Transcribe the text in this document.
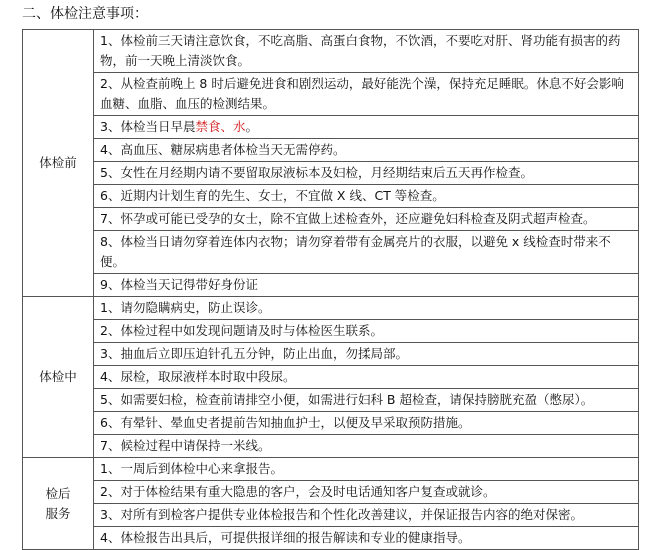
二、体检注意事项：
体检前	1、体检前三天请注意饮食，不吃高脂、高蛋白食物，不饮酒，不要吃对肝、肾功能有损害的药物，前一天晚上清淡饮食。
	2、从检查前晚上 8 时后避免进食和剧烈运动，最好能洗个澡，保持充足睡眠。休息不好会影响血糖、血脂、血压的检测结果。
	3、体检当日早晨禁食、水。
	4、高血压、糖尿病患者体检当天无需停药。
	5、女性在月经期内请不要留取尿液标本及妇检，月经期结束后五天再作检查。
	6、近期内计划生育的先生、女士，不宜做 X 线、CT 等检查。
	7、怀孕或可能已受孕的女士，除不宜做上述检查外，还应避免妇科检查及阴式超声检查。
	8、体检当日请勿穿着连体内衣物；请勿穿着带有金属亮片的衣服，以避免 x 线检查时带来不便。
	9、体检当天记得带好身份证
体检中	1、请勿隐瞒病史，防止误诊。
	2、体检过程中如发现问题请及时与体检医生联系。
	3、抽血后立即压迫针孔五分钟，防止出血，勿揉局部。
	4、尿检，取尿液样本时取中段尿。
	5、如需要妇检，检查前请排空小便，如需进行妇科 B 超检查，请保持膀胱充盈（憋尿）。
	6、有晕针、晕血史者提前告知抽血护士，以便及早采取预防措施。
	7、候检过程中请保持一米线。
检后
服务	1、一周后到体检中心来拿报告。
	2、对于体检结果有重大隐患的客户，会及时电话通知客户复查或就诊。
	3、对所有到检客户提供专业体检报告和个性化改善建议，并保证报告内容的绝对保密。
	4、体检报告出具后，可提供报详细的报告解读和专业的健康指导。
